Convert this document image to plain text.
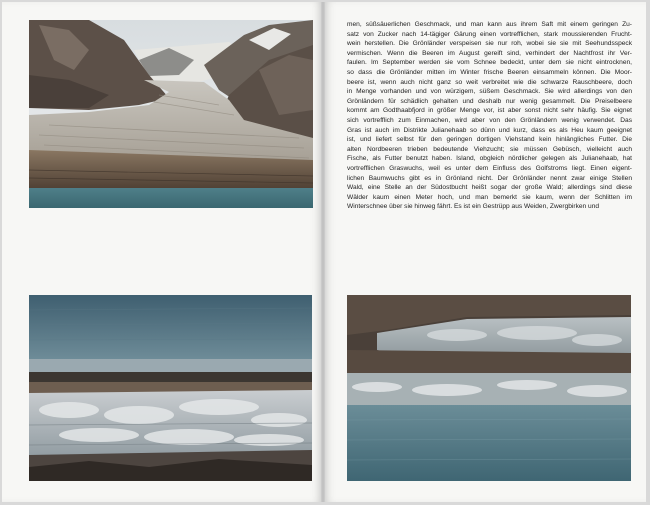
men, süßsäuerlichen Geschmack, und man kann aus ihrem Saft mit einem geringen Zu-
satz von Zucker nach 14-tägiger Gärung einen vortrefflichen, stark moussierenden Frucht-
wein herstellen. Die Grönländer verspeisen sie nur roh, wobei sie sie mit Seehundsspeck
vermischen. Wenn die Beeren im August gereift sind, verhindert der Nachtfrost ihr Ver-
faulen. Im September werden sie vom Schnee bedeckt, unter dem sie nicht eintrocknen,
so dass die Grönländer mitten im Winter frische Beeren einsammeln können. Die Moor-
beere ist, wenn auch nicht ganz so weit verbreitet wie die schwarze Rauschbeere, doch
in Menge vorhanden und von würzigem, süßem Geschmack. Sie wird allerdings von den
Grönländern für schädlich gehalten und deshalb nur wenig gesammelt. Die Preiselbeere
kommt am Godthaabfjord in größer Menge vor, ist aber sonst nicht sehr häufig. Sie eignet
sich vortrefflich zum Einmachen, wird aber von den Grönländern wenig verwendet. Das
Gras ist auch im Distrikte Julianehaab so dünn und kurz, dass es als Heu kaum geeignet
ist, und liefert selbst für den geringen dortigen Viehstand kein hinlängliches Futter. Die
alten Nordbeeren trieben bedeutende Viehzucht; sie müssen Gebüsch, vielleicht auch
Fische, als Futter benutzt haben. Island, obgleich nördlicher gelegen als Julianehaab, hat
vortrefflichen Graswuchs, weil es unter dem Einfluss des Golfstroms liegt. Einen eigent-
lichen Baumwuchs gibt es in Grönland nicht. Der Grönländer nennt zwar einige Stellen
Wald, eine Stelle an der Südostbucht heißt sogar der große Wald; allerdings sind diese
Wälder kaum einen Meter hoch, und man bemerkt sie kaum, wenn der Schlitten im
Winterschnee über sie hinweg fährt. Es ist ein Gestrüpp aus Weiden, Zwergbirken und
